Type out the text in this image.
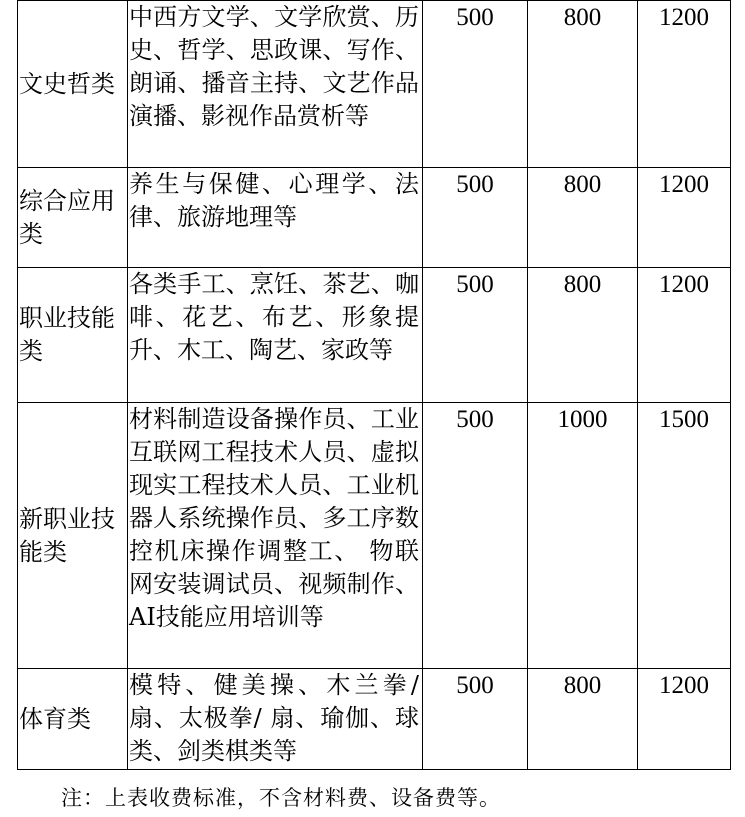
文史哲类	中西方文学、文学欣赏、历史、哲学、思政课、写作、朗诵、播音主持、文艺作品演播、影视作品赏析等	500	800	1200
综合应用类	养生与保健、心理学、法律、旅游地理等	500	800	1200
职业技能类	各类手工、烹饪、茶艺、咖啡、花艺、布艺、形象提升、木工、陶艺、家政等	500	800	1200
新职业技能类	材料制造设备操作员、工业互联网工程技术人员、虚拟现实工程技术人员、工业机器人系统操作员、多工序数控机床操作调整工、 物联网安装调试员、视频制作、AI技能应用培训等	500	1000	1500
体育类	模特、健美操、木兰拳/扇、太极拳/ 扇、瑜伽、球类、剑类棋类等	500	800	1200
注：上表收费标准，不含材料费、设备费等。
